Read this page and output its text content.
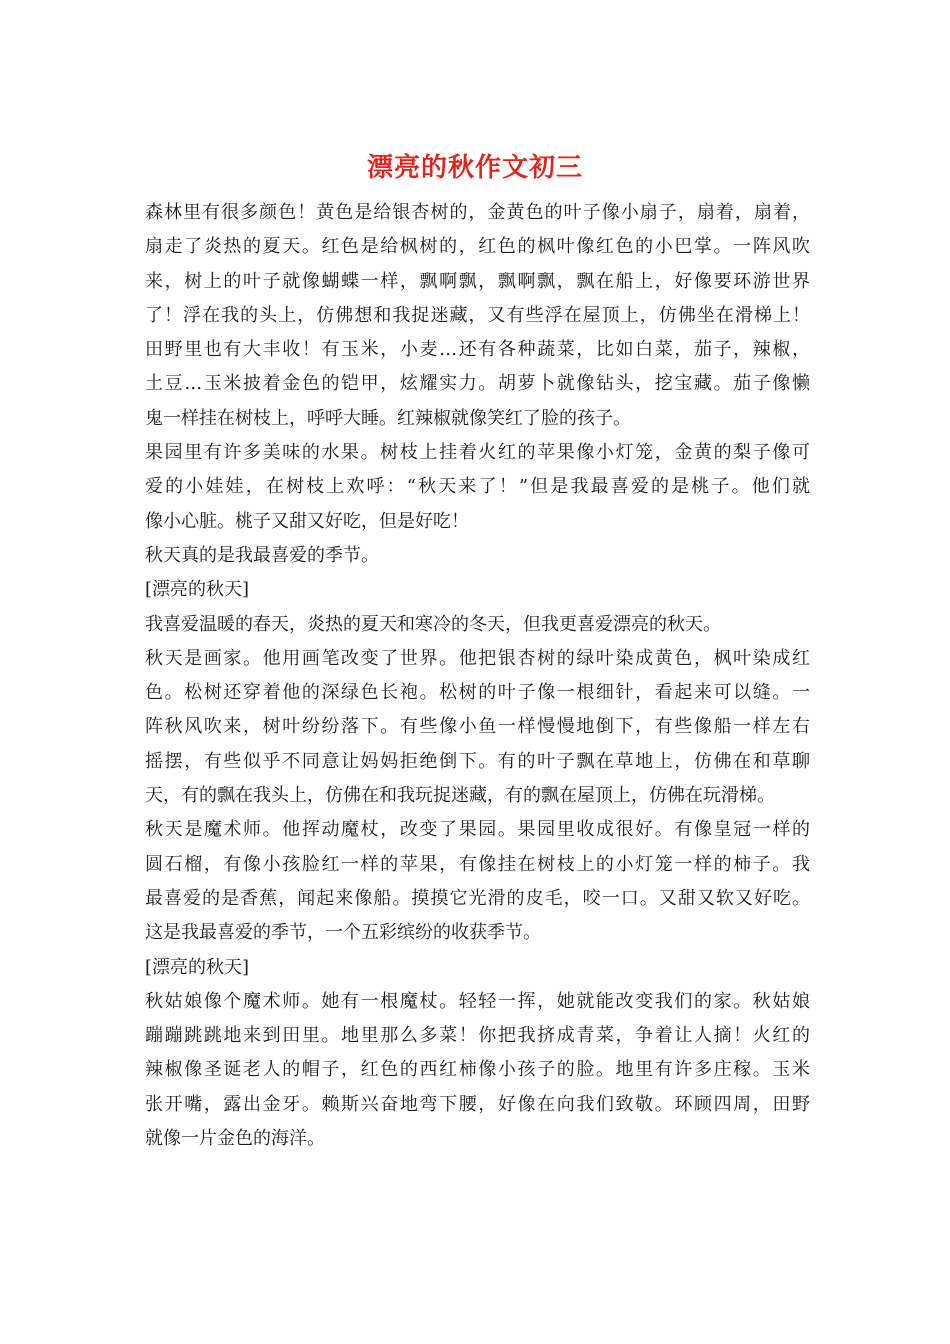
漂亮的秋作文初三
森林里有很多颜色！黄色是给银杏树的，金黄色的叶子像小扇子，扇着，扇着，
扇走了炎热的夏天。红色是给枫树的，红色的枫叶像红色的小巴掌。一阵风吹
来，树上的叶子就像蝴蝶一样，飘啊飘，飘啊飘，飘在船上，好像要环游世界
了！浮在我的头上，仿佛想和我捉迷藏，又有些浮在屋顶上，仿佛坐在滑梯上！
田野里也有大丰收！有玉米，小麦…还有各种蔬菜，比如白菜，茄子，辣椒，
土豆…玉米披着金色的铠甲，炫耀实力。胡萝卜就像钻头，挖宝藏。茄子像懒
鬼一样挂在树枝上，呼呼大睡。红辣椒就像笑红了脸的孩子。
果园里有许多美味的水果。树枝上挂着火红的苹果像小灯笼，金黄的梨子像可
爱的小娃娃，在树枝上欢呼：“秋天来了！”但是我最喜爱的是桃子。他们就
像小心脏。桃子又甜又好吃，但是好吃！
秋天真的是我最喜爱的季节。
[漂亮的秋天]
我喜爱温暖的春天，炎热的夏天和寒冷的冬天，但我更喜爱漂亮的秋天。
秋天是画家。他用画笔改变了世界。他把银杏树的绿叶染成黄色，枫叶染成红
色。松树还穿着他的深绿色长袍。松树的叶子像一根细针，看起来可以缝。一
阵秋风吹来，树叶纷纷落下。有些像小鱼一样慢慢地倒下，有些像船一样左右
摇摆，有些似乎不同意让妈妈拒绝倒下。有的叶子飘在草地上，仿佛在和草聊
天，有的飘在我头上，仿佛在和我玩捉迷藏，有的飘在屋顶上，仿佛在玩滑梯。
秋天是魔术师。他挥动魔杖，改变了果园。果园里收成很好。有像皇冠一样的
圆石榴，有像小孩脸红一样的苹果，有像挂在树枝上的小灯笼一样的柿子。我
最喜爱的是香蕉，闻起来像船。摸摸它光滑的皮毛，咬一口。又甜又软又好吃。
这是我最喜爱的季节，一个五彩缤纷的收获季节。
[漂亮的秋天]
秋姑娘像个魔术师。她有一根魔杖。轻轻一挥，她就能改变我们的家。秋姑娘
蹦蹦跳跳地来到田里。地里那么多菜！你把我挤成青菜，争着让人摘！火红的
辣椒像圣诞老人的帽子，红色的西红柿像小孩子的脸。地里有许多庄稼。玉米
张开嘴，露出金牙。赖斯兴奋地弯下腰，好像在向我们致敬。环顾四周，田野
就像一片金色的海洋。
